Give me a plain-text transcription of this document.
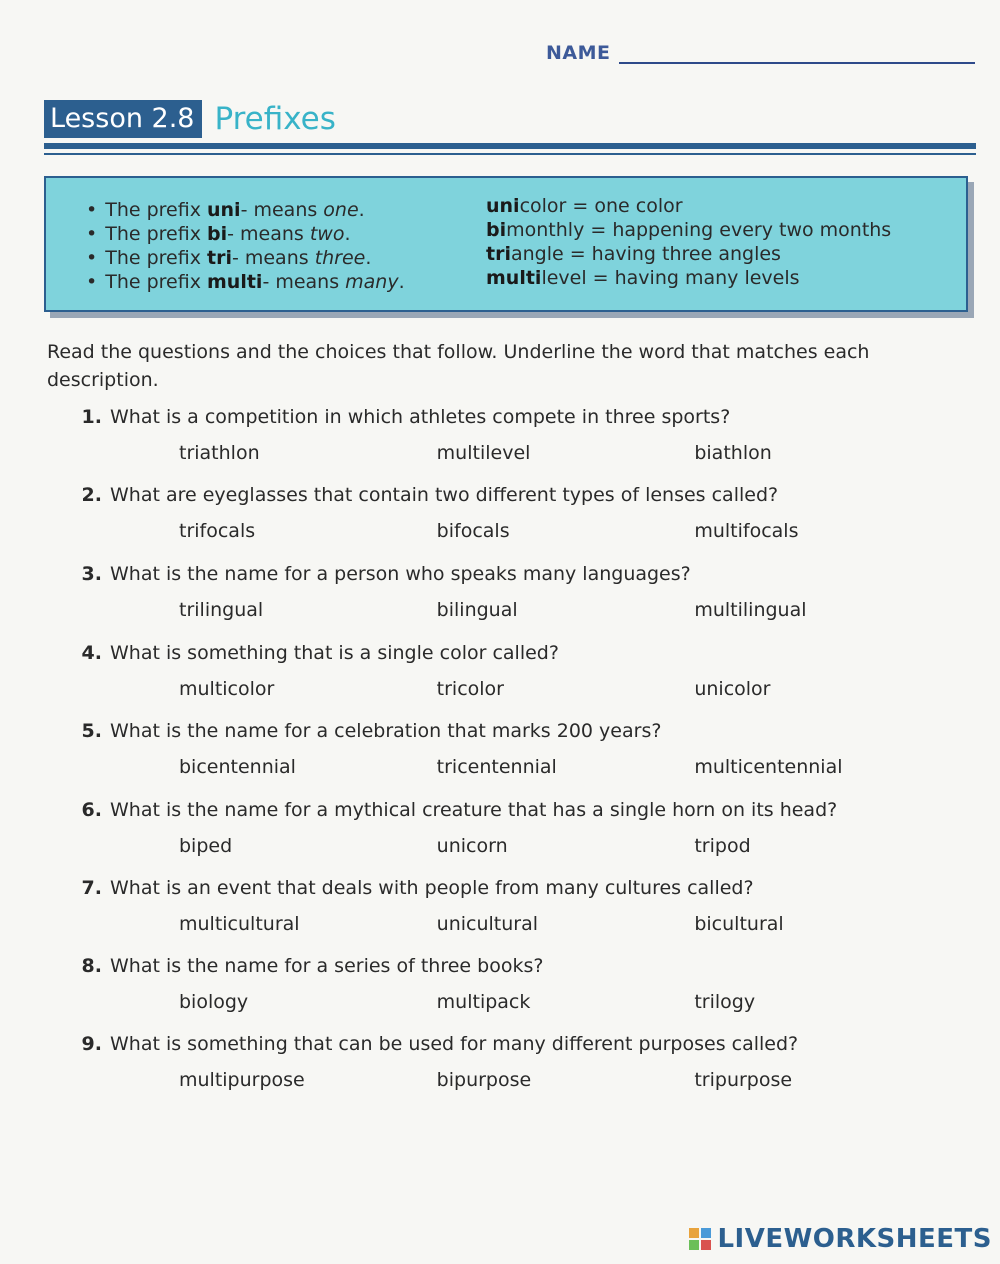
NAME
Lesson 2.8 Prefixes
• The prefix uni- means one.
• The prefix bi- means two.
• The prefix tri- means three.
• The prefix multi- means many.
unicolor = one color
bimonthly = happening every two months
triangle = having three angles
multilevel = having many levels
Read the questions and the choices that follow. Underline the word that matches each description.
1. What is a competition in which athletes compete in three sports?
triathlon	multilevel	biathlon
2. What are eyeglasses that contain two different types of lenses called?
trifocals	bifocals	multifocals
3. What is the name for a person who speaks many languages?
trilingual	bilingual	multilingual
4. What is something that is a single color called?
multicolor	tricolor	unicolor
5. What is the name for a celebration that marks 200 years?
bicentennial	tricentennial	multicentennial
6. What is the name for a mythical creature that has a single horn on its head?
biped	unicorn	tripod
7. What is an event that deals with people from many cultures called?
multicultural	unicultural	bicultural
8. What is the name for a series of three books?
biology	multipack	trilogy
9. What is something that can be used for many different purposes called?
multipurpose	bipurpose	tripurpose
LIVEWORKSHEETS
